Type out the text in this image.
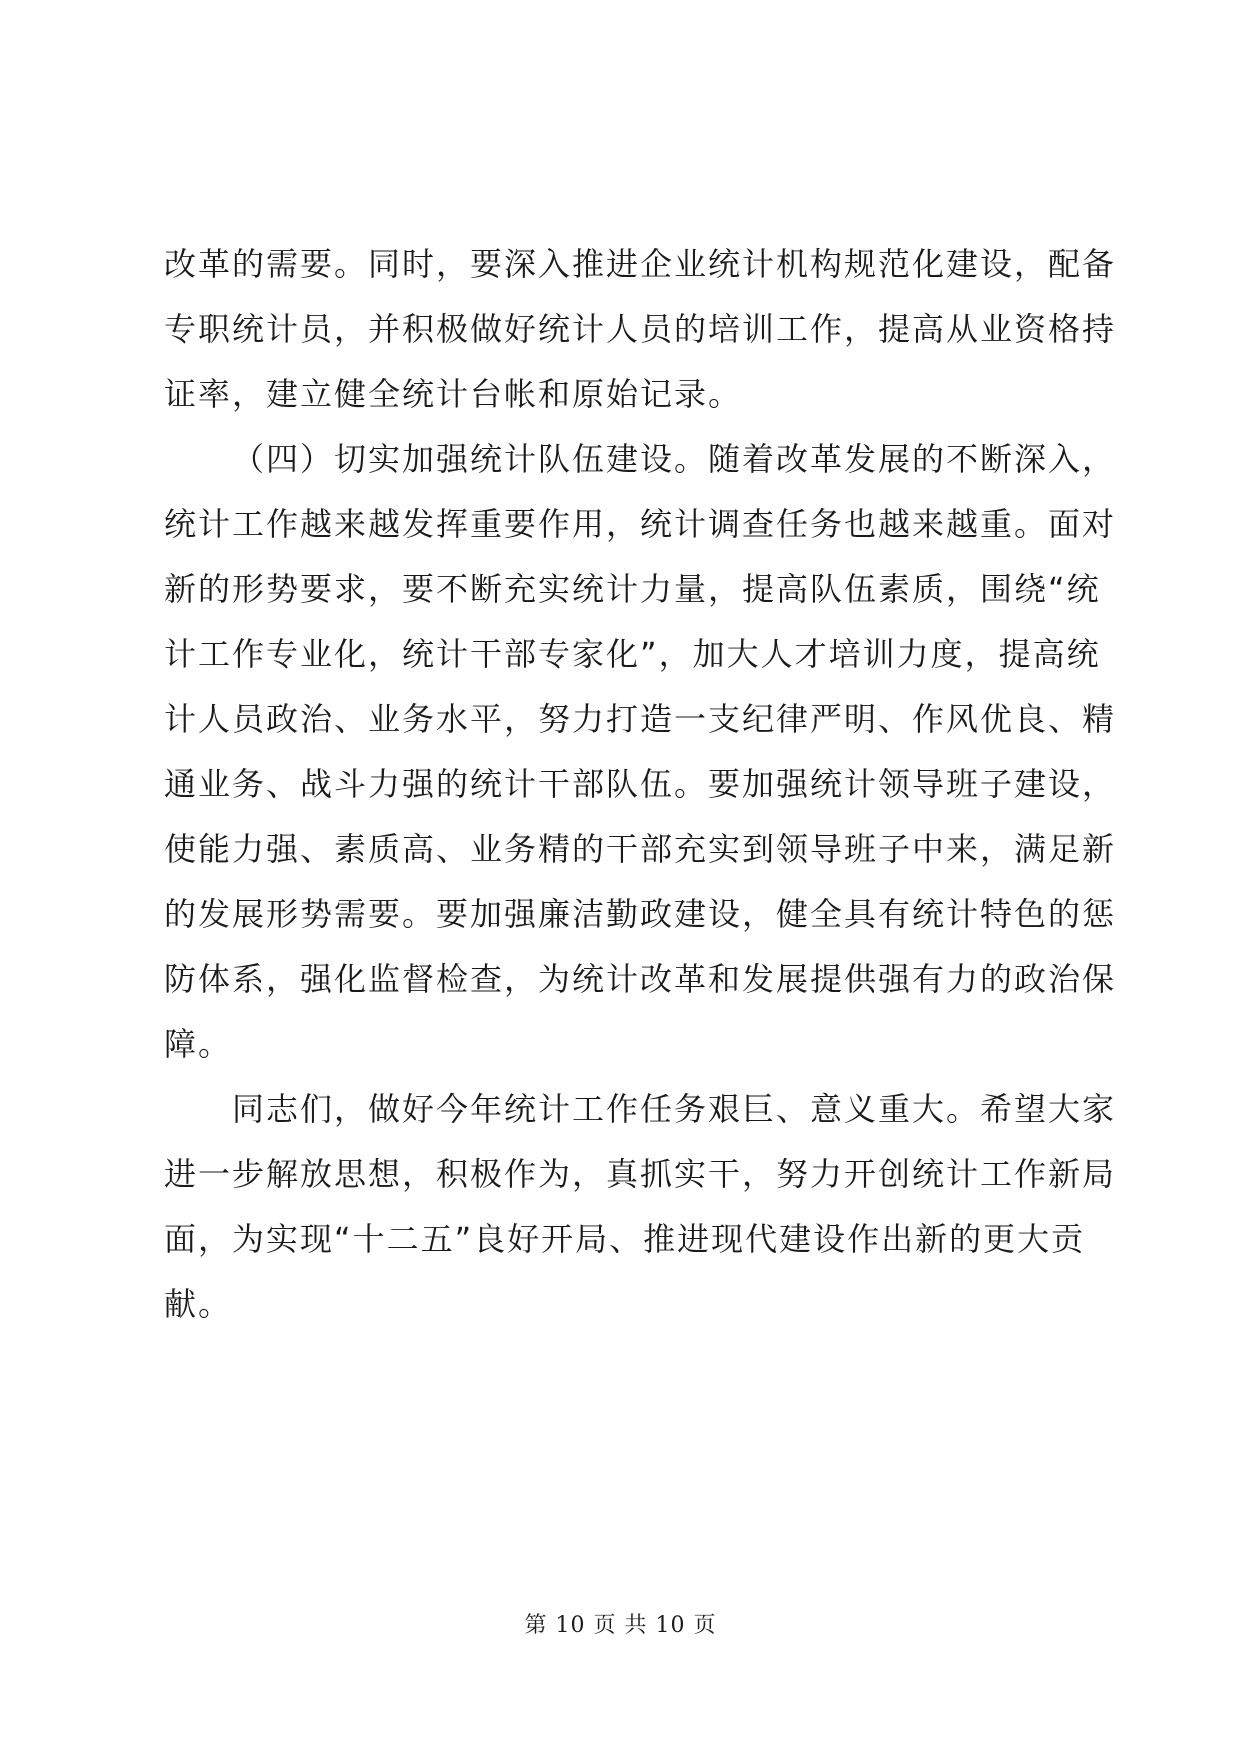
改革的需要。同时，要深入推进企业统计机构规范化建设，配备
专职统计员，并积极做好统计人员的培训工作，提高从业资格持
证率，建立健全统计台帐和原始记录。
（四）切实加强统计队伍建设。随着改革发展的不断深入，
统计工作越来越发挥重要作用，统计调查任务也越来越重。面对
新的形势要求，要不断充实统计力量，提高队伍素质，围绕“统
计工作专业化，统计干部专家化”，加大人才培训力度，提高统
计人员政治、业务水平，努力打造一支纪律严明、作风优良、精
通业务、战斗力强的统计干部队伍。要加强统计领导班子建设，
使能力强、素质高、业务精的干部充实到领导班子中来，满足新
的发展形势需要。要加强廉洁勤政建设，健全具有统计特色的惩
防体系，强化监督检查，为统计改革和发展提供强有力的政治保
障。
同志们，做好今年统计工作任务艰巨、意义重大。希望大家
进一步解放思想，积极作为，真抓实干，努力开创统计工作新局
面，为实现“十二五”良好开局、推进现代建设作出新的更大贡
献。
第 10 页 共 10 页
